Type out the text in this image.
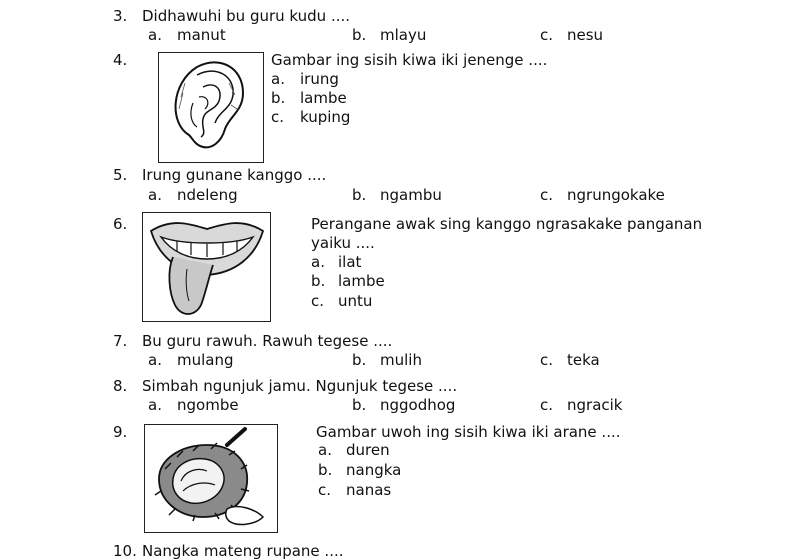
3. Didhawuhi bu guru kudu ....
a. manut	b. mlayu	c. nesu
4.	Gambar ing sisih kiwa iki jenenge ....
a. irung
b. lambe
c. kuping
5. Irung gunane kanggo ....
a. ndeleng	b. ngambu	c. ngrungokake
6.	Perangane awak sing kanggo ngrasakake panganan
yaiku ....
a. ilat
b. lambe
c. untu
7. Bu guru rawuh. Rawuh tegese ....
a. mulang	b. mulih	c. teka
8. Simbah ngunjuk jamu. Ngunjuk tegese ....
a. ngombe	b. nggodhog	c. ngracik
9.	Gambar uwoh ing sisih kiwa iki arane ....
a. duren
b. nangka
c. nanas
10. Nangka mateng rupane ....
